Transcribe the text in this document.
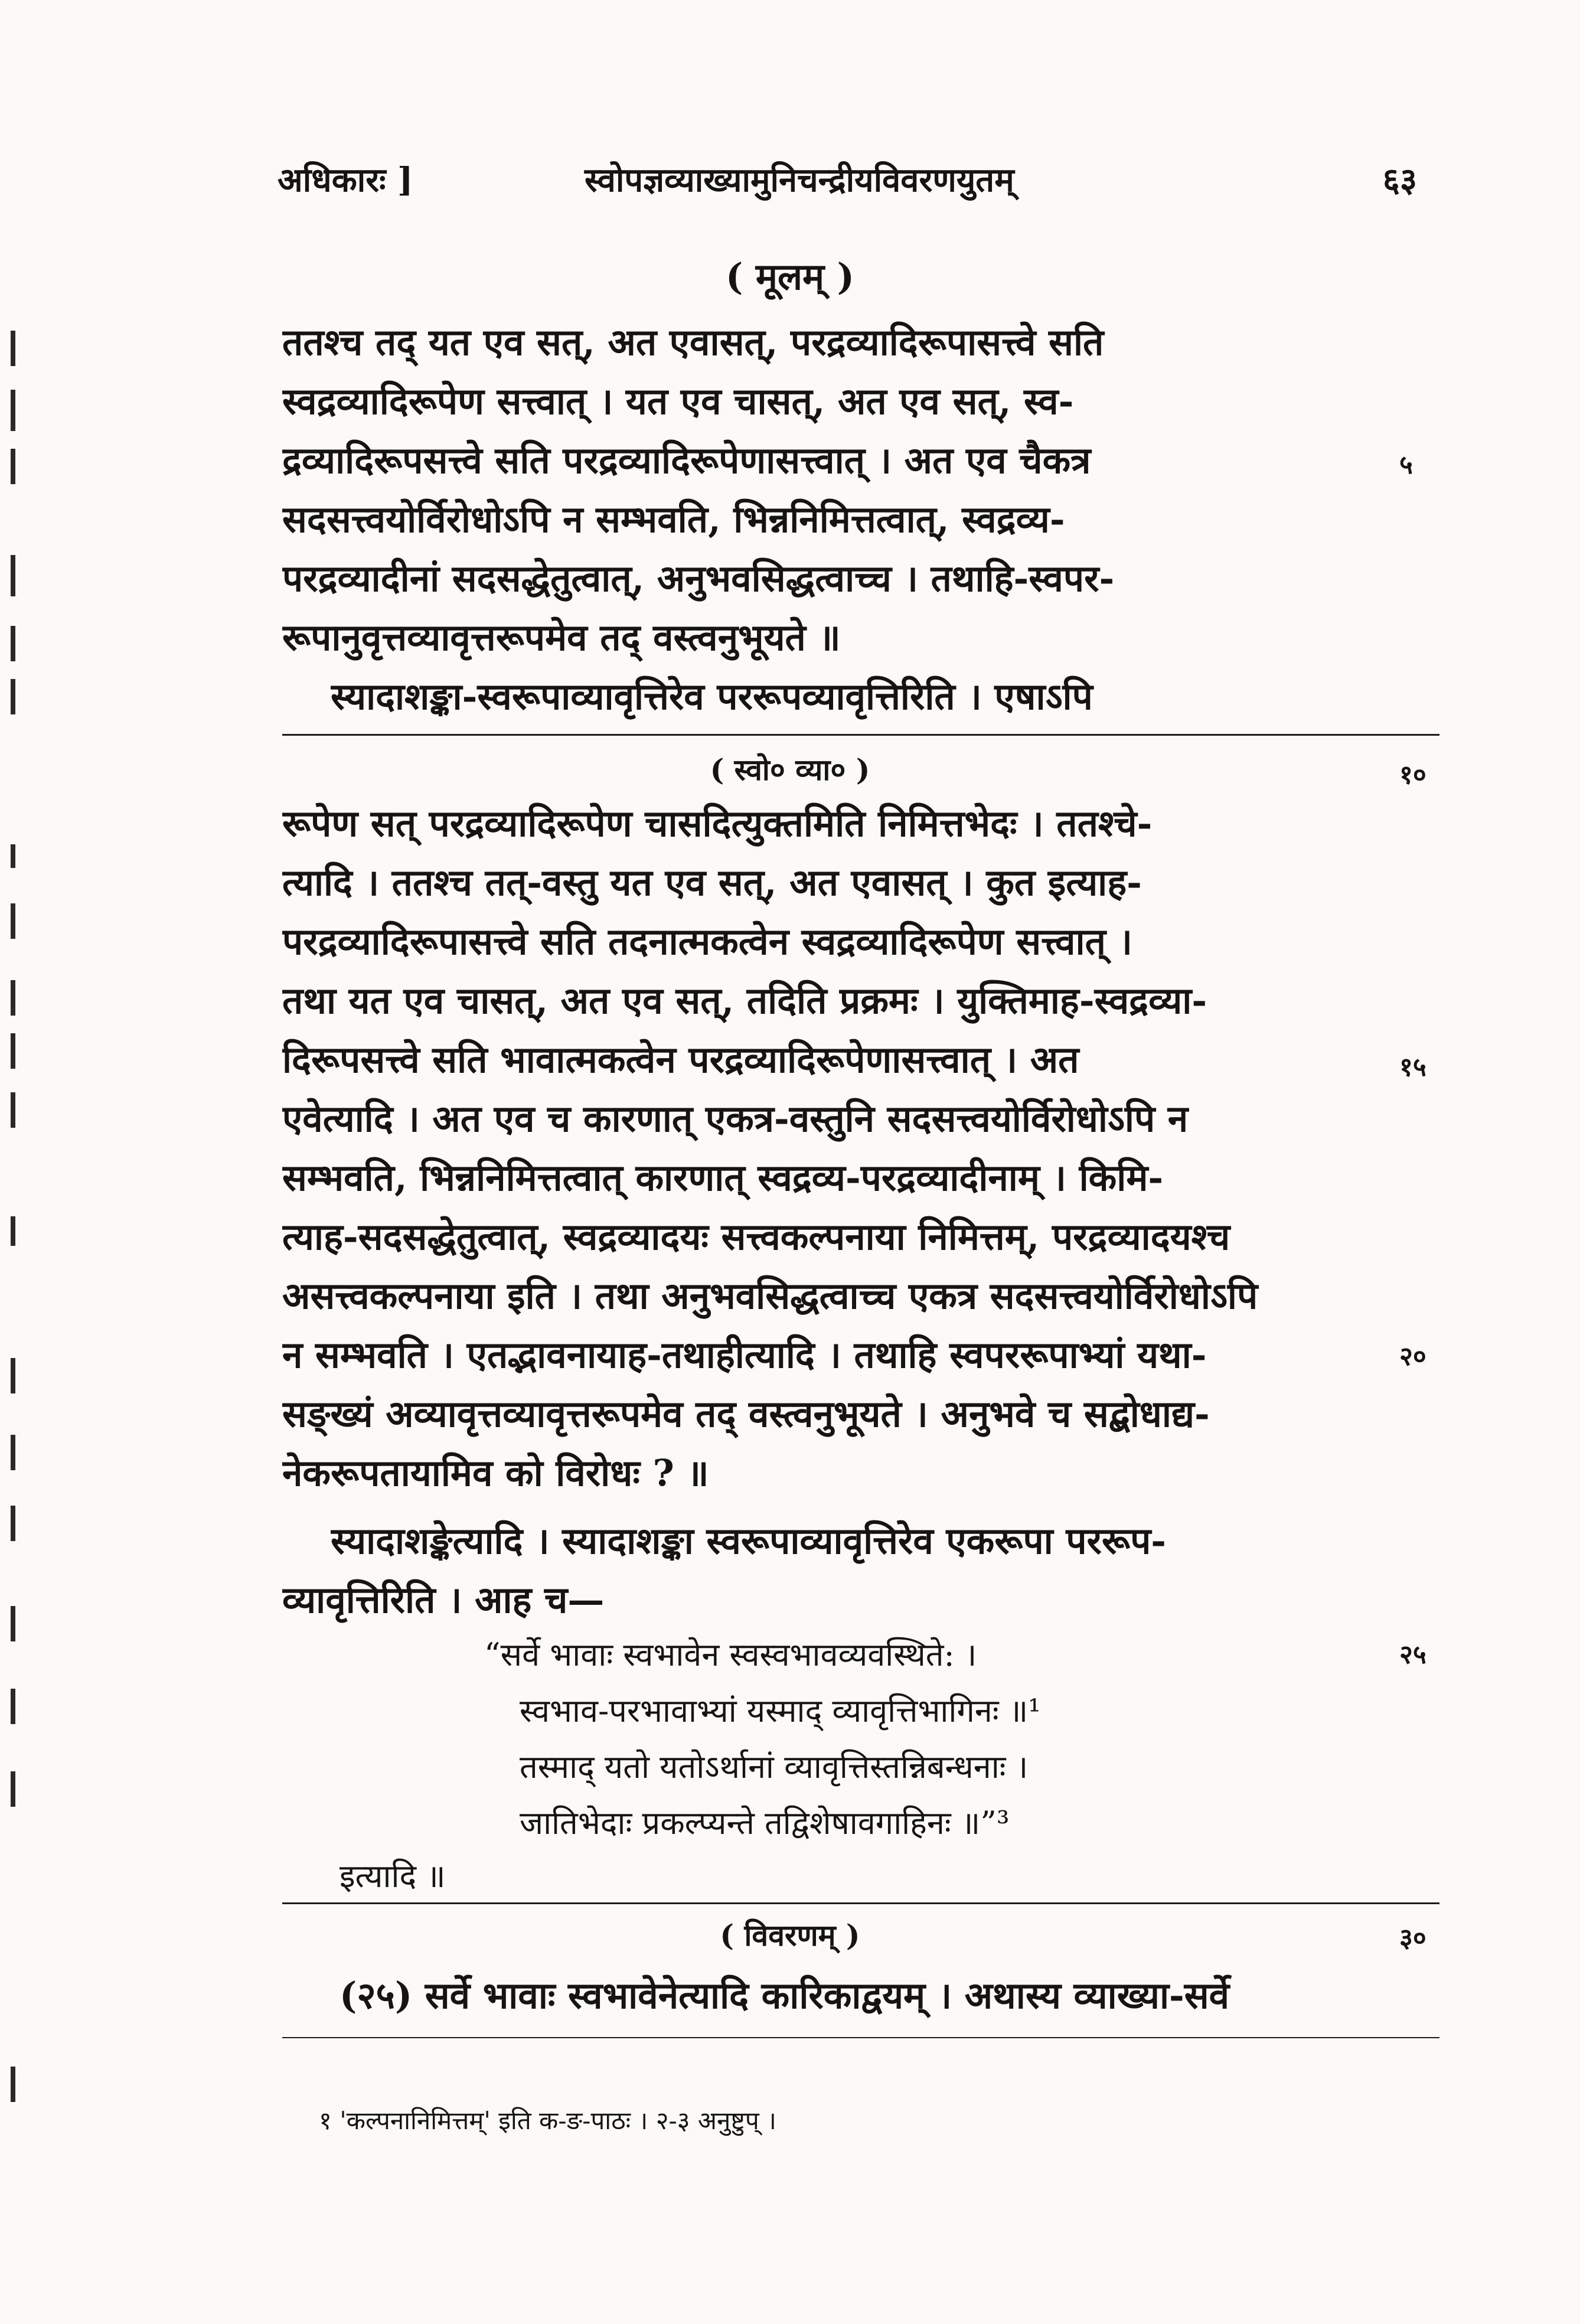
अधिकारः ]	स्वोपज्ञव्याख्यामुनिचन्द्रीयविवरणयुतम्	६३
( मूलम् )
ततश्च तद् यत एव सत्, अत एवासत्, परद्रव्यादिरूपासत्त्वे सति
स्वद्रव्यादिरूपेण सत्त्वात् । यत एव चासत्, अत एव सत्, स्व-
द्रव्यादिरूपसत्त्वे सति परद्रव्यादिरूपेणासत्त्वात् । अत एव चैकत्र
सदसत्त्वयोर्विरोधोऽपि न सम्भवति, भिन्ननिमित्तत्वात्, स्वद्रव्य-
परद्रव्यादीनां सदसद्धेतुत्वात्, अनुभवसिद्धत्वाच्च । तथाहि-स्वपर-
रूपानुवृत्तव्यावृत्तरूपमेव तद् वस्त्वनुभूयते ॥
स्यादाशङ्का-स्वरूपाव्यावृत्तिरेव पररूपव्यावृत्तिरिति । एषाऽपि
५
( स्वो० व्या० )	१०
रूपेण सत् परद्रव्यादिरूपेण चासदित्युक्तमिति निमित्तभेदः । ततश्चे-
त्यादि । ततश्च तत्-वस्तु यत एव सत्, अत एवासत् । कुत इत्याह-
परद्रव्यादिरूपासत्त्वे सति तदनात्मकत्वेन स्वद्रव्यादिरूपेण सत्त्वात् ।
तथा यत एव चासत्, अत एव सत्, तदिति प्रक्रमः । युक्तिमाह-स्वद्रव्या-
दिरूपसत्त्वे सति भावात्मकत्वेन परद्रव्यादिरूपेणासत्त्वात् । अत
एवेत्यादि । अत एव च कारणात् एकत्र-वस्तुनि सदसत्त्वयोर्विरोधोऽपि न
सम्भवति, भिन्ननिमित्तत्वात् कारणात् स्वद्रव्य-परद्रव्यादीनाम् । किमि-
त्याह-सदसद्धेतुत्वात्, स्वद्रव्यादयः सत्त्वकल्पनाया निमित्तम्, परद्रव्यादयश्च
असत्त्वकल्पनाया इति । तथा अनुभवसिद्धत्वाच्च एकत्र सदसत्त्वयोर्विरोधोऽपि
न सम्भवति । एतद्भावनायाह-तथाहीत्यादि । तथाहि स्वपररूपाभ्यां यथा-
सङ्ख्यं अव्यावृत्तव्यावृत्तरूपमेव तद् वस्त्वनुभूयते । अनुभवे च सद्बोधाद्य-
नेकरूपतायामिव को विरोधः ? ॥
१५
२०
स्यादाशङ्केत्यादि । स्यादाशङ्का स्वरूपाव्यावृत्तिरेव एकरूपा पररूप-
व्यावृत्तिरिति । आह च—
“सर्वे भावाः स्वभावेन स्वस्वभावव्यवस्थिते: ।
स्वभाव-परभावाभ्यां यस्माद् व्यावृत्तिभागिनः ॥¹
तस्माद् यतो यतोऽर्थानां व्यावृत्तिस्तन्निबन्धनाः ।
जातिभेदाः प्रकल्प्यन्ते तद्विशेषावगाहिनः ॥”³
२५
इत्यादि ॥
( विवरणम् )	३०
(२५) सर्वे भावाः स्वभावेनेत्यादि कारिकाद्वयम् । अथास्य व्याख्या-सर्वे
१ 'कल्पनानिमित्तम्' इति क-ङ-पाठः । २-३ अनुष्टुप् ।
